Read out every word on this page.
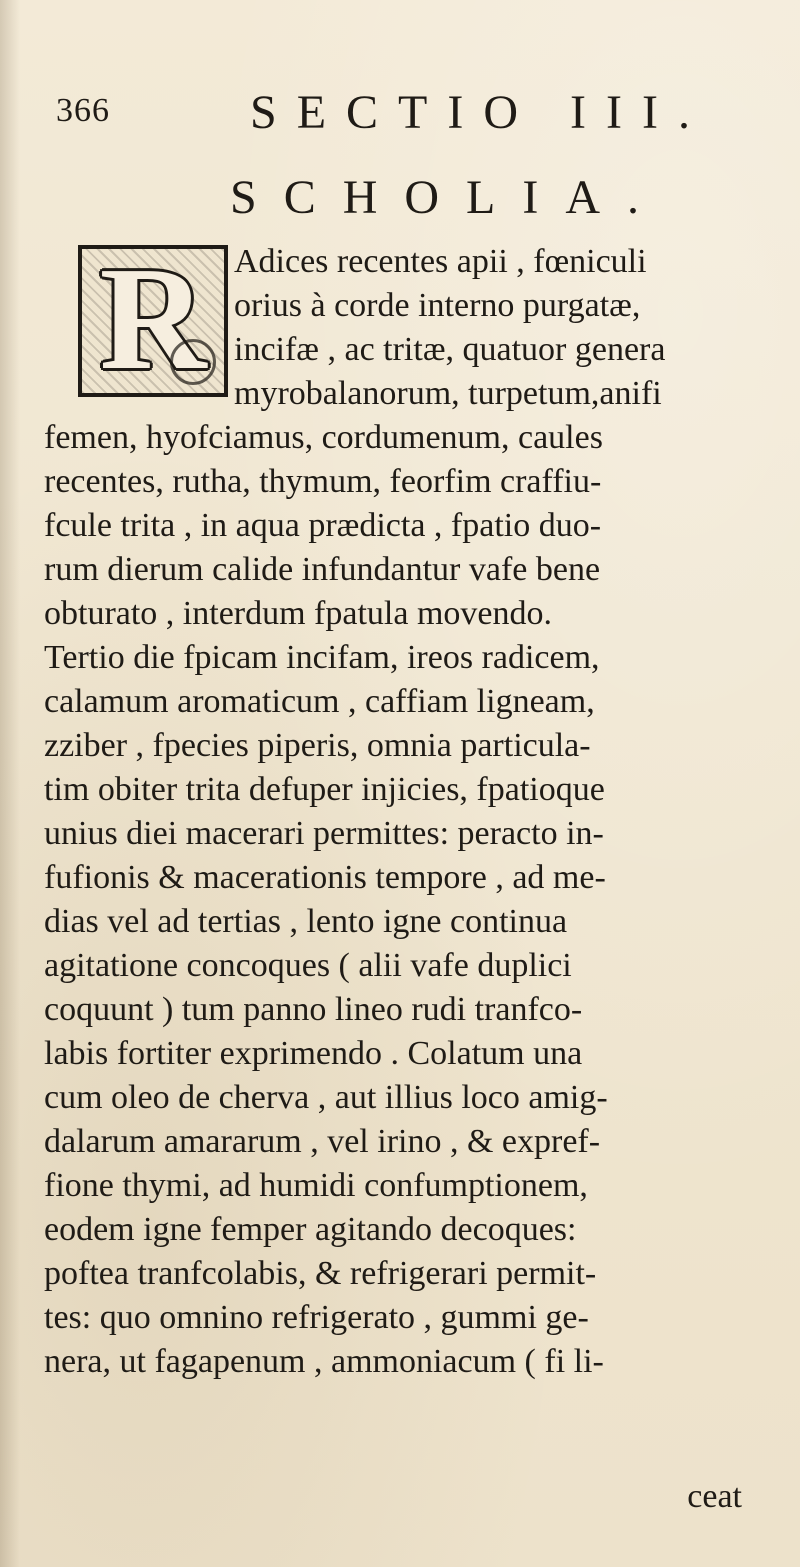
366	SECTIO III.
SCHOLIA.
R Adices recentes apii , fœniculi
orius à corde interno purgatæ,
incifæ , ac tritæ, quatuor genera
myrobalanorum, turpetum,anifi
femen, hyofciamus, cordumenum, caules
recentes, rutha, thymum, feorfim craffiu-
fcule trita , in aqua prædicta , fpatio duo-
rum dierum calide infundantur vafe bene
obturato , interdum fpatula movendo.
Tertio die fpicam incifam, ireos radicem,
calamum aromaticum , caffiam ligneam,
zziber , fpecies piperis, omnia particula-
tim obiter trita defuper injicies, fpatioque
unius diei macerari permittes: peracto in-
fufionis & macerationis tempore , ad me-
dias vel ad tertias , lento igne continua
agitatione concoques ( alii vafe duplici
coquunt ) tum panno lineo rudi tranfco-
labis fortiter exprimendo . Colatum una
cum oleo de cherva , aut illius loco amig-
dalarum amararum , vel irino , & expref-
fione thymi, ad humidi confumptionem,
eodem igne femper agitando decoques:
poftea tranfcolabis, & refrigerari permit-
tes: quo omnino refrigerato , gummi ge-
nera, ut fagapenum , ammoniacum ( fi li-
ceat
